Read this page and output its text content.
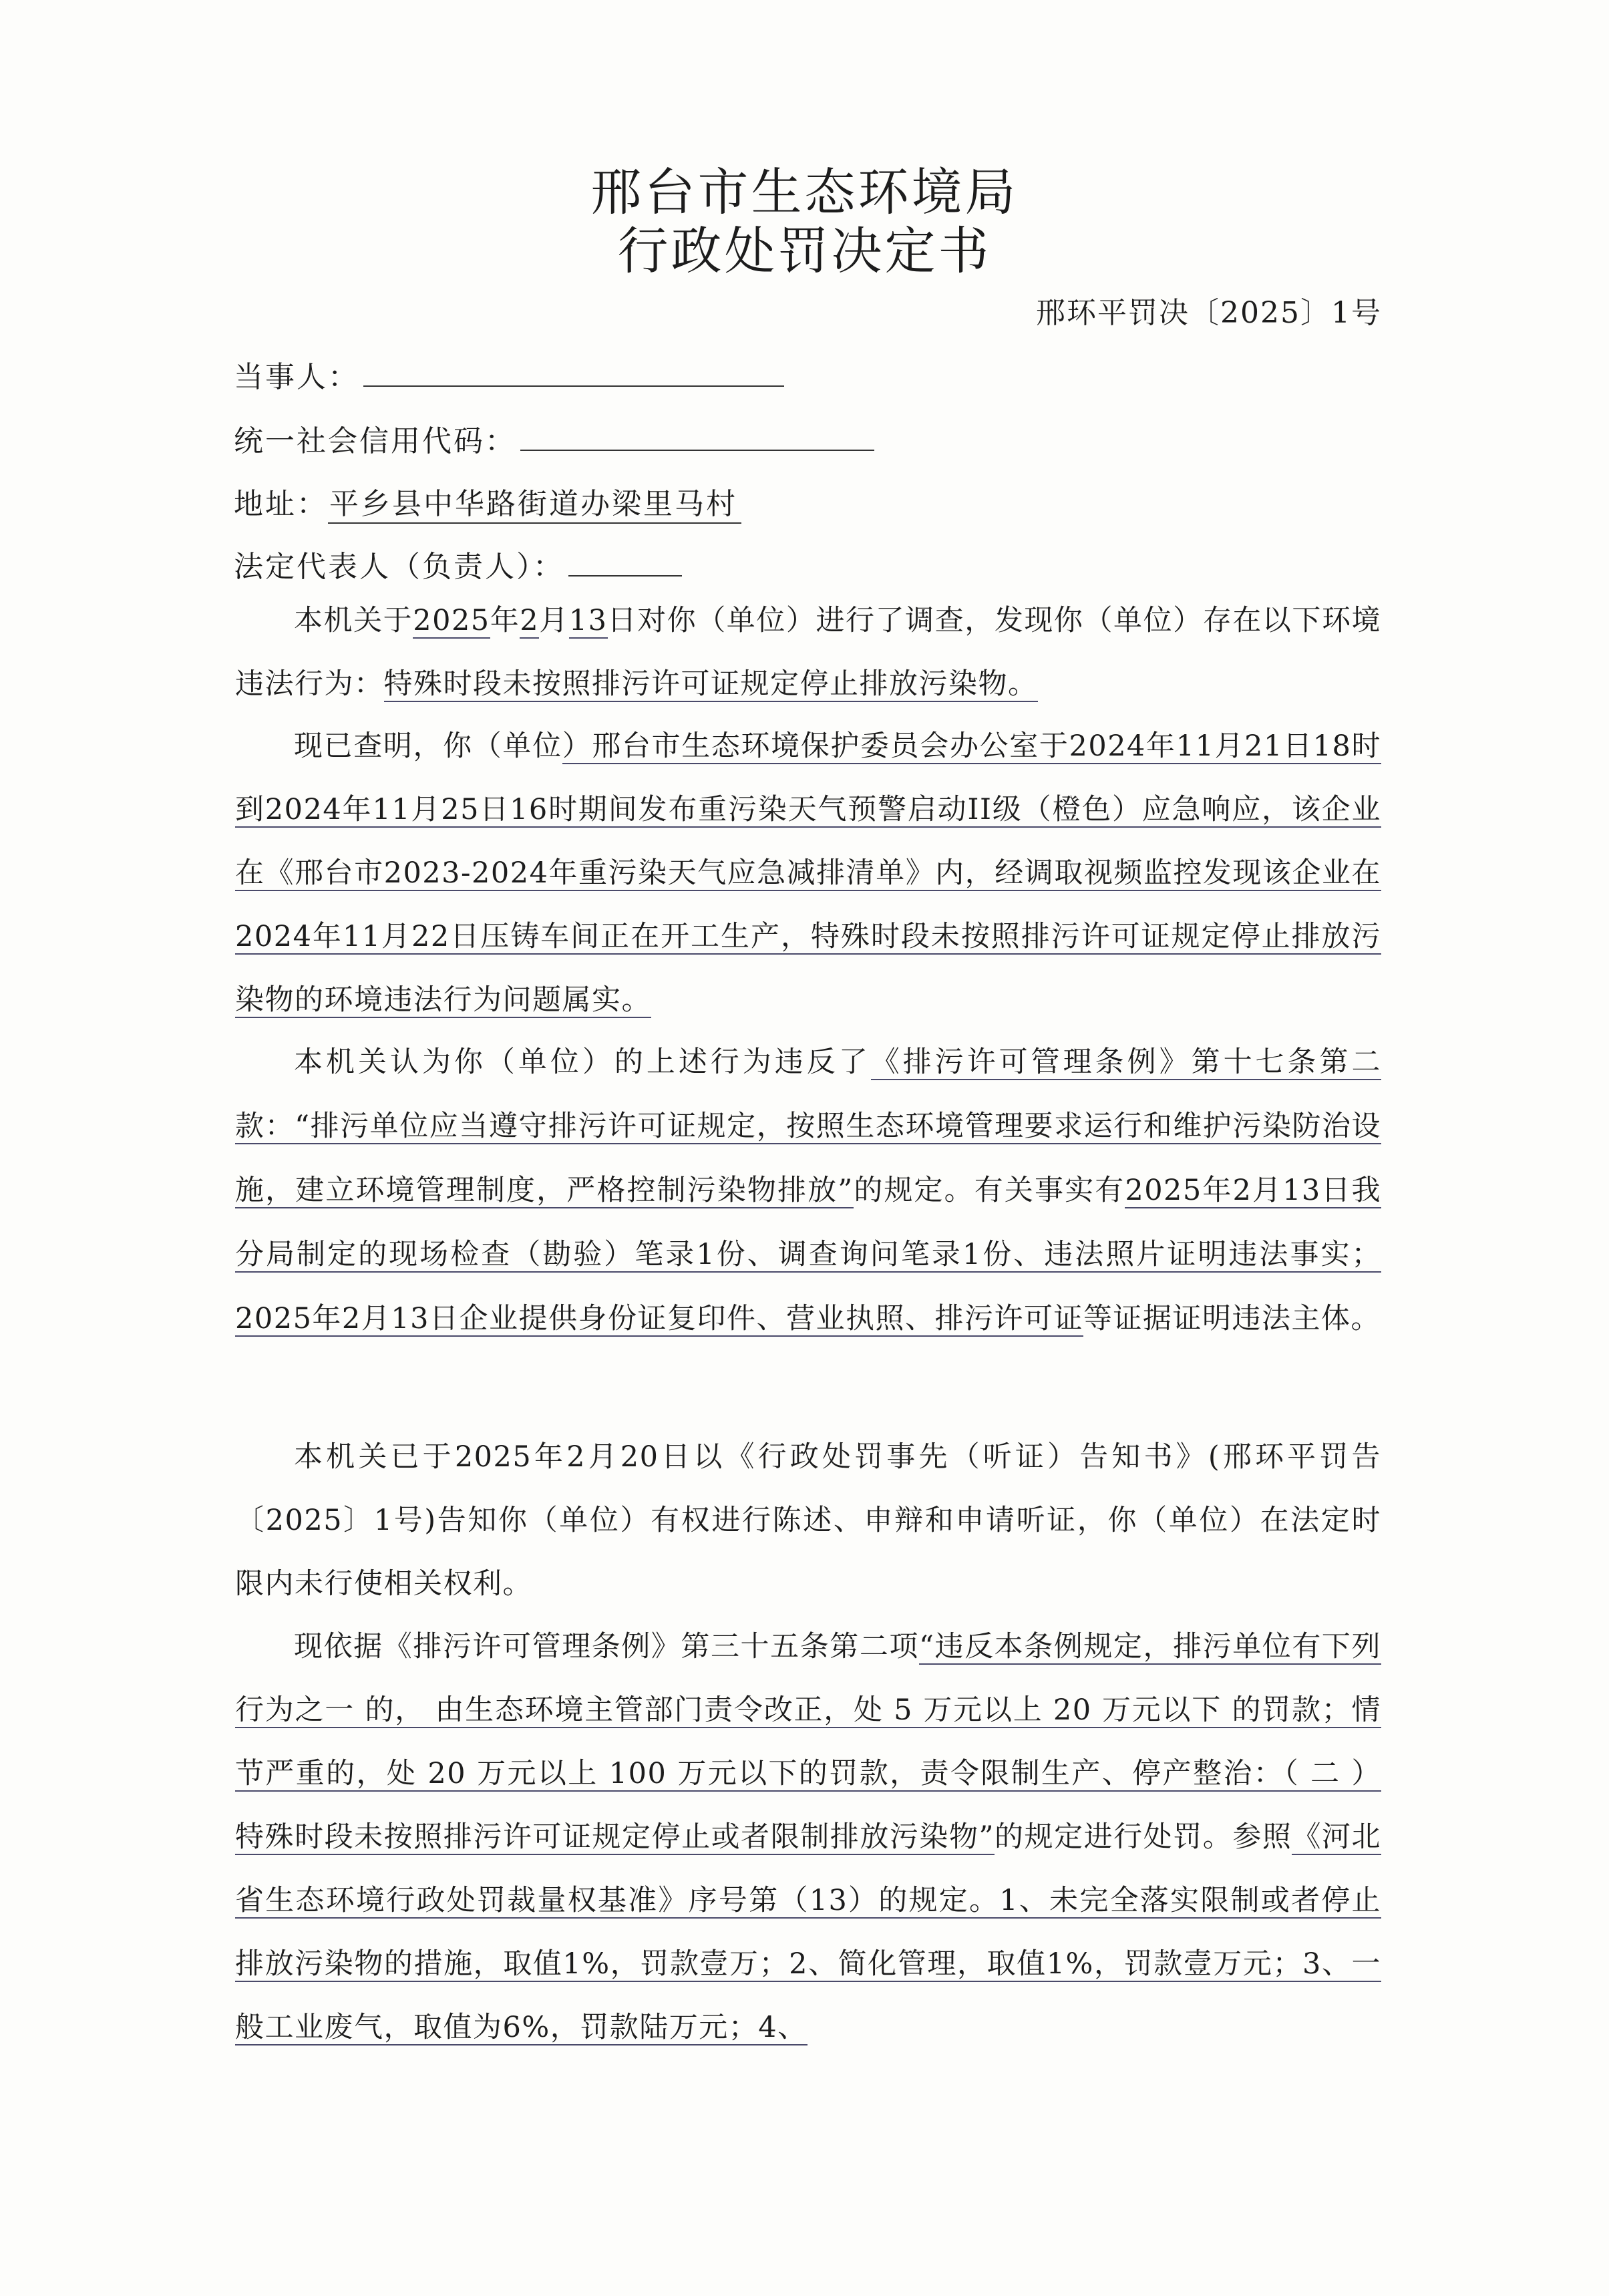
邢台市生态环境局
行政处罚决定书
邢环平罚决〔2025〕1号
当事人：
统一社会信用代码：
地址：平乡县中华路街道办梁里马村
法定代表人（负责人）：

本机关于2025年2月13日对你（单位）进行了调查，发现你（单位）存在以下环境违法行为：特殊时段未按照排污许可证规定停止排放污染物。

现已查明，你（单位）邢台市生态环境保护委员会办公室于2024年11月21日18时到2024年11月25日16时期间发布重污染天气预警启动II级（橙色）应急响应，该企业在《邢台市2023-2024年重污染天气应急减排清单》内，经调取视频监控发现该企业在2024年11月22日压铸车间正在开工生产，特殊时段未按照排污许可证规定停止排放污染物的环境违法行为问题属实。

本机关认为你（单位）的上述行为违反了《排污许可管理条例》第十七条第二款：“排污单位应当遵守排污许可证规定，按照生态环境管理要求运行和维护污染防治设施，建立环境管理制度，严格控制污染物排放”的规定。有关事实有2025年2月13日我分局制定的现场检查（勘验）笔录1份、调查询问笔录1份、违法照片证明违法事实；2025年2月13日企业提供身份证复印件、营业执照、排污许可证等证据证明违法主体。

本机关已于2025年2月20日以《行政处罚事先（听证）告知书》(邢环平罚告〔2025〕1号)告知你（单位）有权进行陈述、申辩和申请听证，你（单位）在法定时限内未行使相关权利。

现依据《排污许可管理条例》第三十五条第二项“违反本条例规定，排污单位有下列行为之一 的， 由生态环境主管部门责令改正，处 5 万元以上 20 万元以下 的罚款；情节严重的，处 20 万元以上 100 万元以下的罚款，责令限制生产、停产整治：（ 二 ） 特殊时段未按照排污许可证规定停止或者限制排放污染物”的规定进行处罚。参照《河北省生态环境行政处罚裁量权基准》序号第（13）的规定。1、未完全落实限制或者停止排放污染物的措施，取值1%，罚款壹万；2、简化管理，取值1%，罚款壹万元；3、一般工业废气，取值为6%，罚款陆万元；4、
